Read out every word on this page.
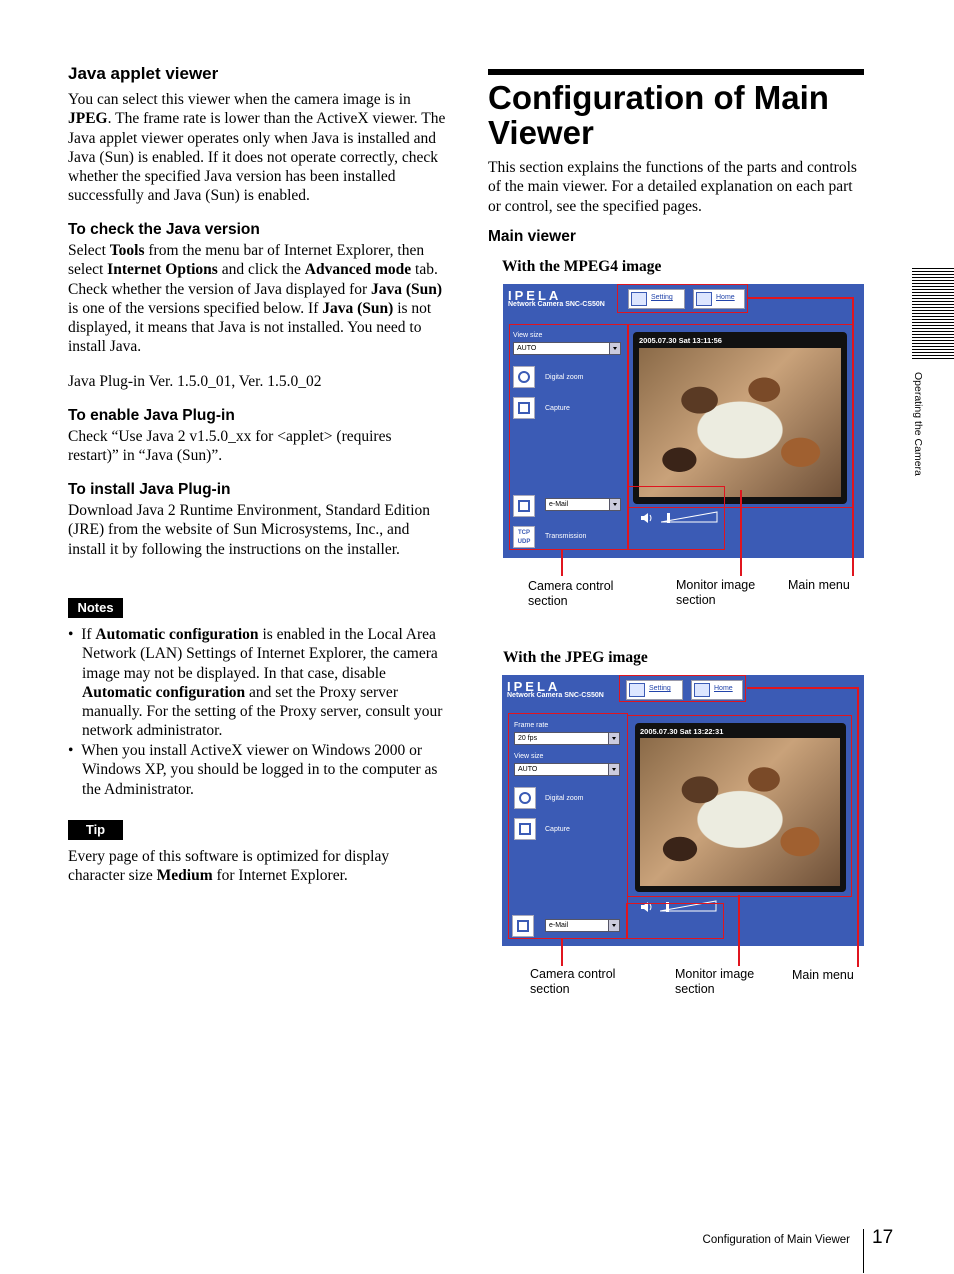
Java applet viewer

You can select this viewer when the camera image is in JPEG. The frame rate is lower than the ActiveX viewer. The Java applet viewer operates only when Java is installed and Java (Sun) is enabled. If it does not operate correctly, check whether the specified Java version has been installed successfully and Java (Sun) is enabled.

To check the Java version

Select Tools from the menu bar of Internet Explorer, then select Internet Options and click the Advanced mode tab. Check whether the version of Java displayed for Java (Sun) is one of the versions specified below. If Java (Sun) is not displayed, it means that Java is not installed. You need to install Java.

Java Plug-in Ver. 1.5.0_01, Ver. 1.5.0_02

To enable Java Plug-in

Check “Use Java 2 v1.5.0_xx for <applet> (requires restart)” in “Java (Sun)”.

To install Java Plug-in

Download Java 2 Runtime Environment, Standard Edition (JRE) from the website of Sun Microsystems, Inc., and install it by following the instructions on the installer.

Notes

•  If Automatic configuration is enabled in the Local Area Network (LAN) Settings of Internet Explorer, the camera image may not be displayed. In that case, disable Automatic configuration and set the Proxy server manually. For the setting of the Proxy server, consult your network administrator.

•  When you install ActiveX viewer on Windows 2000 or Windows XP, you should be logged in to the computer as the Administrator.

Tip

Every page of this software is optimized for display character size Medium for Internet Explorer.

Configuration of Main Viewer

This section explains the functions of the parts and controls of the main viewer. For a detailed explanation on each part or control, see the specified pages.

Main viewer
With the MPEG4 image
IPELA
Network Camera SNC-CS50N
Setting	Home
View size
AUTO
Digital zoom
Capture
e-Mail
TCP UDP
Transmission
2005.07.30 Sat 13:11:56
Camera control section
Monitor image section
Main menu
With the JPEG image
IPELA
Network Camera SNC-CS50N
Setting	Home
Frame rate
20 fps
View size
AUTO
Digital zoom
Capture
e-Mail
2005.07.30 Sat 13:22:31
Camera control section
Monitor image section
Main menu
Operating the Camera
Configuration of Main Viewer 17
